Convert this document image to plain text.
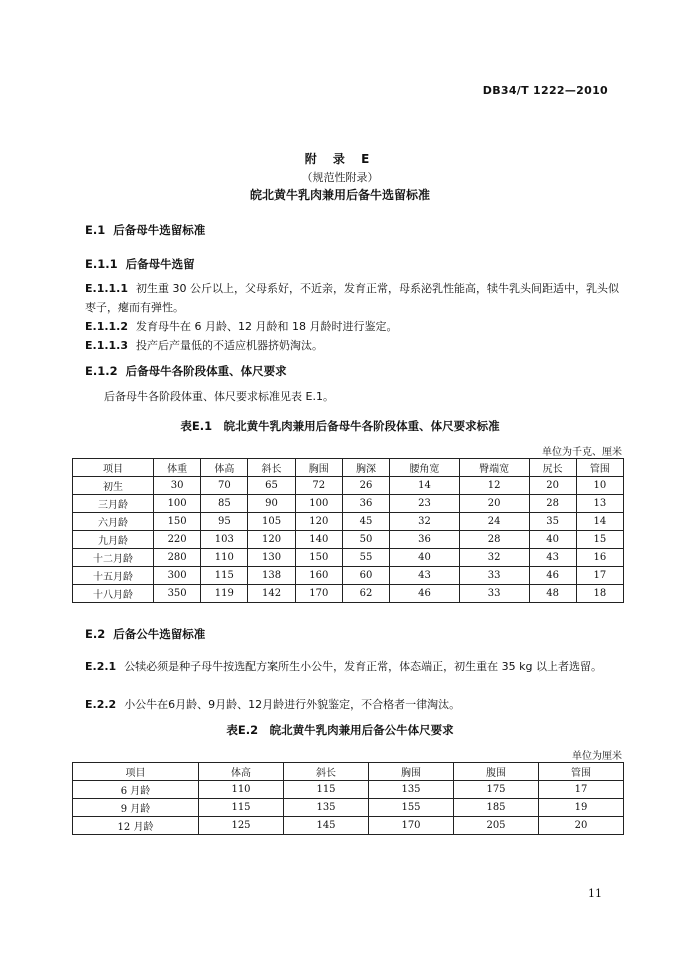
DB34/T 1222—2010
附 录 E
（规范性附录）
皖北黄牛乳肉兼用后备牛选留标准
E.1 后备母牛选留标准
E.1.1 后备母牛选留
E.1.1.1 初生重 30 公斤以上，父母系好，不近亲，发育正常，母系泌乳性能高，犊牛乳头间距适中，乳头似枣子，瘪而有弹性。
E.1.1.2 发育母牛在 6 月龄、12 月龄和 18 月龄时进行鉴定。
E.1.1.3 投产后产量低的不适应机器挤奶淘汰。
E.1.2 后备母牛各阶段体重、体尺要求
后备母牛各阶段体重、体尺要求标准见表 E.1。
表E.1　皖北黄牛乳肉兼用后备母牛各阶段体重、体尺要求标准
单位为千克、厘米
项目	体重	体高	斜长	胸围	胸深	腰角宽	臀端宽	尻长	管围
初生	30	70	65	72	26	14	12	20	10
三月龄	100	85	90	100	36	23	20	28	13
六月龄	150	95	105	120	45	32	24	35	14
九月龄	220	103	120	140	50	36	28	40	15
十二月龄	280	110	130	150	55	40	32	43	16
十五月龄	300	115	138	160	60	43	33	46	17
十八月龄	350	119	142	170	62	46	33	48	18
E.2 后备公牛选留标准
E.2.1 公犊必须是种子母牛按选配方案所生小公牛，发育正常，体态端正，初生重在 35 kg 以上者选留。
E.2.2 小公牛在6月龄、9月龄、12月龄进行外貌鉴定，不合格者一律淘汰。
表E.2　皖北黄牛乳肉兼用后备公牛体尺要求
单位为厘米
项目	体高	斜长	胸围	腹围	管围
6 月龄	110	115	135	175	17
9 月龄	115	135	155	185	19
12 月龄	125	145	170	205	20
11
